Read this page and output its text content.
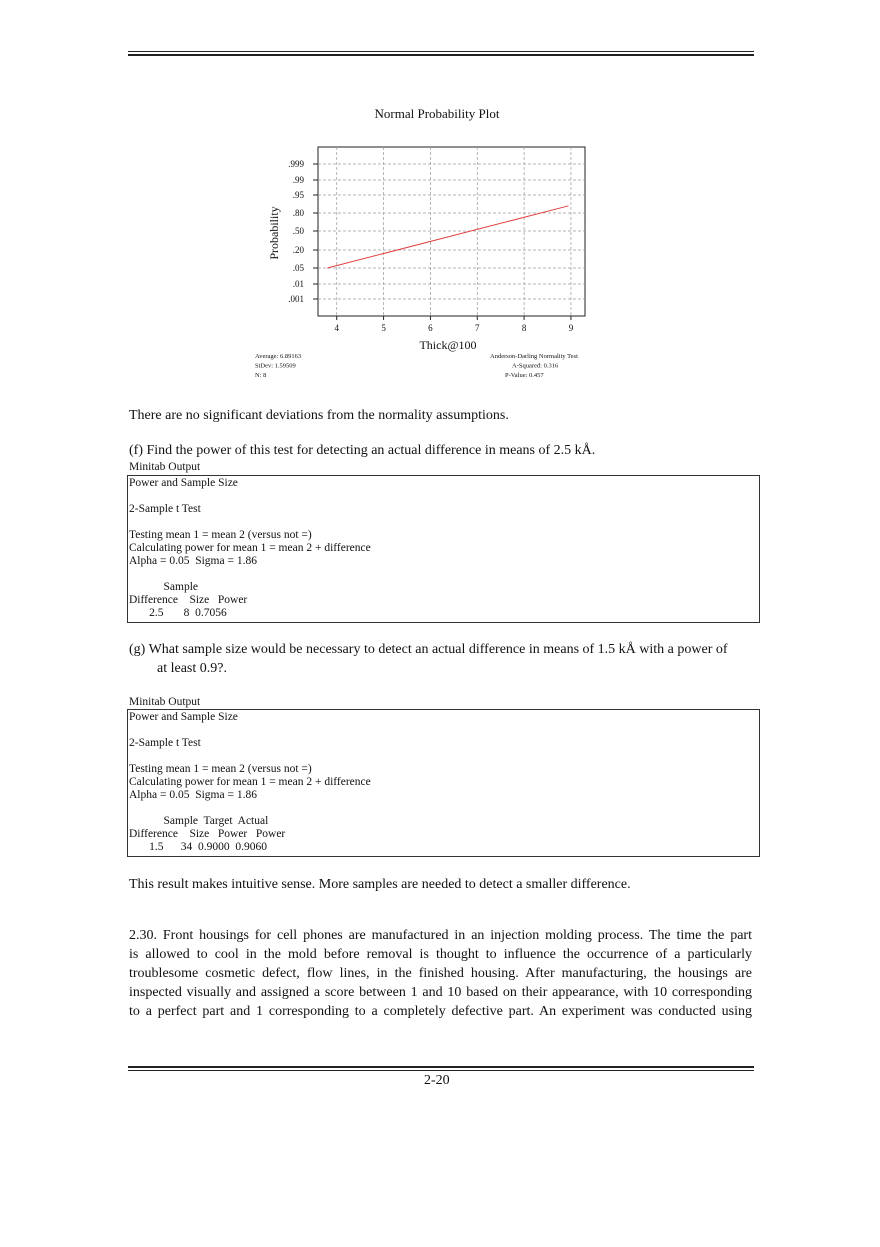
4	5	6	7	8	9
.999
.99
.95
.80
.50
.20
.05
.01
.001
Normal Probability Plot
Thick@100
Probability
Average: 6.89163
StDev: 1.59509
N: 8
Anderson-Darling Normality Test
A-Squared: 0.316
P-Value: 0.457
There are no significant deviations from the normality assumptions.
(f) Find the power of this test for detecting an actual difference in means of 2.5 kÅ.
Minitab Output
Power and Sample Size
2-Sample t Test
Testing mean 1 = mean 2 (versus not =)
Calculating power for mean 1 = mean 2 + difference
Alpha = 0.05  Sigma = 1.86
Sample
Difference    Size   Power
2.5       8  0.7056
(g) What sample size would be necessary to detect an actual difference in means of 1.5 kÅ with a power of
at least 0.9?.
Minitab Output
Power and Sample Size
2-Sample t Test
Testing mean 1 = mean 2 (versus not =)
Calculating power for mean 1 = mean 2 + difference
Alpha = 0.05  Sigma = 1.86
Sample  Target  Actual
Difference    Size   Power   Power
1.5      34  0.9000  0.9060
This result makes intuitive sense. More samples are needed to detect a smaller difference.
2.30. Front housings for cell phones are manufactured in an injection molding process. The time the part
is allowed to cool in the mold before removal is thought to influence the occurrence of a particularly
troublesome cosmetic defect, flow lines, in the finished housing. After manufacturing, the housings are
inspected visually and assigned a score between 1 and 10 based on their appearance, with 10 corresponding
to a perfect part and 1 corresponding to a completely defective part. An experiment was conducted using
2-20
